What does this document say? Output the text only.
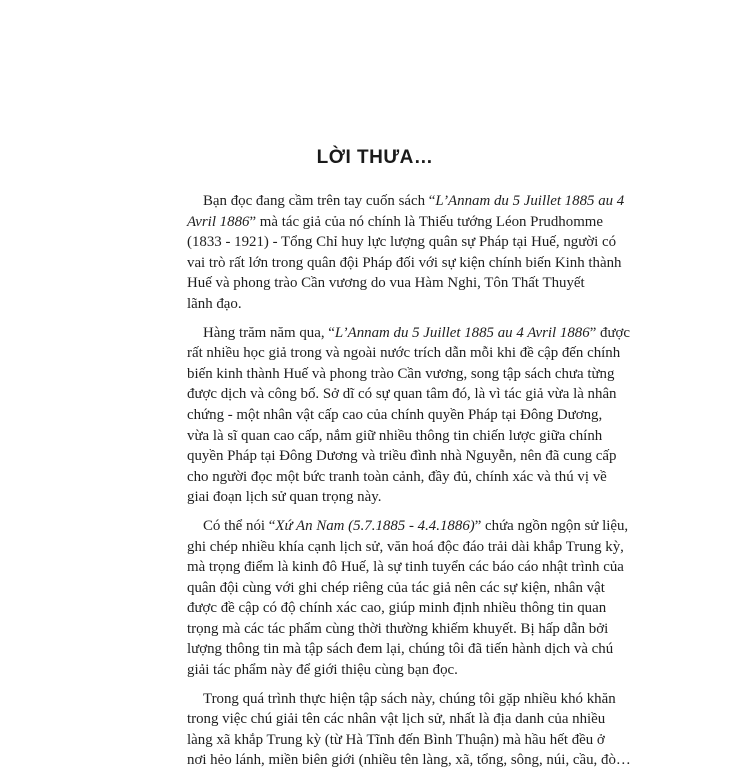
LỜI THƯA…
Bạn đọc đang cầm trên tay cuốn sách “L’Annam du 5 Juillet 1885 au 4
Avril 1886” mà tác giả của nó chính là Thiếu tướng Léon Prudhomme
(1833 - 1921) - Tổng Chỉ huy lực lượng quân sự Pháp tại Huế, người có
vai trò rất lớn trong quân đội Pháp đối với sự kiện chính biến Kinh thành
Huế và phong trào Cần vương do vua Hàm Nghi, Tôn Thất Thuyết
lãnh đạo.
Hàng trăm năm qua, “L’Annam du 5 Juillet 1885 au 4 Avril 1886” được
rất nhiều học giả trong và ngoài nước trích dẫn mỗi khi đề cập đến chính
biến kinh thành Huế và phong trào Cần vương, song tập sách chưa từng
được dịch và công bố. Sở dĩ có sự quan tâm đó, là vì tác giả vừa là nhân
chứng - một nhân vật cấp cao của chính quyền Pháp tại Đông Dương,
vừa là sĩ quan cao cấp, nắm giữ nhiều thông tin chiến lược giữa chính
quyền Pháp tại Đông Dương và triều đình nhà Nguyễn, nên đã cung cấp
cho người đọc một bức tranh toàn cảnh, đầy đủ, chính xác và thú vị về
giai đoạn lịch sử quan trọng này.
Có thể nói “Xứ An Nam (5.7.1885 - 4.4.1886)” chứa ngồn ngộn sử liệu,
ghi chép nhiều khía cạnh lịch sử, văn hoá độc đáo trải dài khắp Trung kỳ,
mà trọng điểm là kinh đô Huế, là sự tinh tuyển các báo cáo nhật trình của
quân đội cùng với ghi chép riêng của tác giả nên các sự kiện, nhân vật
được đề cập có độ chính xác cao, giúp minh định nhiều thông tin quan
trọng mà các tác phẩm cùng thời thường khiếm khuyết. Bị hấp dẫn bởi
lượng thông tin mà tập sách đem lại, chúng tôi đã tiến hành dịch và chú
giải tác phẩm này để giới thiệu cùng bạn đọc.
Trong quá trình thực hiện tập sách này, chúng tôi gặp nhiều khó khăn
trong việc chú giải tên các nhân vật lịch sử, nhất là địa danh của nhiều
làng xã khắp Trung kỳ (từ Hà Tĩnh đến Bình Thuận) mà hầu hết đều ở
nơi hẻo lánh, miền biên giới (nhiều tên làng, xã, tổng, sông, núi, cầu, đò…
